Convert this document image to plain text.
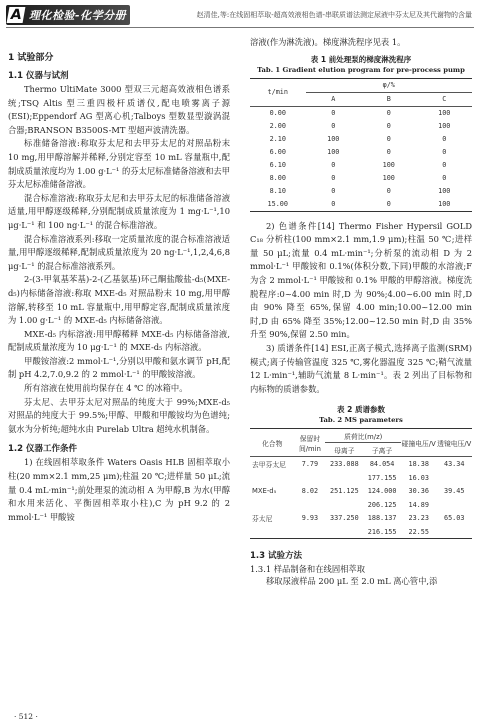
A 理化检验-化学分册	赵清佳,等:在线固相萃取-超高效液相色谱-串联质谱法测定尿液中芬太尼及其代谢物的含量
1 试验部分
1.1 仪器与试剂

Thermo UltiMate 3000 型双三元超高效液相色谱系统;TSQ Altis 型三重四极杆质谱仪,配电喷雾离子源(ESI);Eppendorf AG 型离心机;Talboys 型数显型漩涡混合器;BRANSON B3500S-MT 型超声波清洗器。

标准储备溶液:称取芬太尼和去甲芬太尼的对照品粉末 10 mg,用甲醇溶解并稀释,分别定容至 10 mL 容量瓶中,配制成质量浓度均为 1.00 g·L⁻¹ 的芬太尼标准储备溶液和去甲芬太尼标准储备溶液。

混合标准溶液:称取芬太尼和去甲芬太尼的标准储备溶液适量,用甲醇逐级稀释,分别配制成质量浓度为 1 mg·L⁻¹,10 μg·L⁻¹ 和 100 ng·L⁻¹ 的混合标准溶液。

混合标准溶液系列:移取一定质量浓度的混合标准溶液适量,用甲醇逐级稀释,配制成质量浓度为 20 ng·L⁻¹,1,2,4,6,8 μg·L⁻¹ 的混合标准溶液系列。

2-(3-甲氧基苯基)-2-(乙基氨基)环己酮盐酸盐-d₅(MXE-d₅)内标储备溶液:称取 MXE-d₅ 对照品粉末 10 mg,用甲醇溶解,转移至 10 mL 容量瓶中,用甲醇定容,配制成质量浓度为 1.00 g·L⁻¹ 的 MXE-d₅ 内标储备溶液。

MXE-d₅ 内标溶液:用甲醇稀释 MXE-d₅ 内标储备溶液,配制成质量浓度为 10 μg·L⁻¹ 的 MXE-d₅ 内标溶液。

甲酸铵溶液:2 mmol·L⁻¹,分别以甲酸和氨水调节 pH,配制 pH 4.2,7.0,9.2 的 2 mmol·L⁻¹ 的甲酸铵溶液。

所有溶液在使用前均保存在 4 ℃ 的冰箱中。

芬太尼、去甲芬太尼对照品的纯度大于 99%;MXE-d₅ 对照品的纯度大于 99.5%;甲醇、甲酸和甲酸铵均为色谱纯;氨水为分析纯;超纯水由 Purelab Ultra 超纯水机制备。

1.2 仪器工作条件

1) 在线固相萃取条件 Waters Oasis HLB 固相萃取小柱(20 mm×2.1 mm,25 μm);柱温 20 ℃;进样量 50 μL;流量 0.4 mL·min⁻¹;前处理泵的流动相 A 为甲醇,B 为水(甲醇和水用来活化、平衡固相萃取小柱),C 为 pH 9.2 的 2 mmol·L⁻¹ 甲酸铵

溶液(作为淋洗液)。梯度淋洗程序见表 1。

表 1 前处理泵的梯度淋洗程序
Tab. 1 Gradient elution program for pre-process pump
t/min	φ/%		
	A	B	C
0.00	0	0	100
2.00	0	0	100
2.10	100	0	0
6.00	100	0	0
6.10	0	100	0
8.00	0	100	0
8.10	0	0	100
15.00	0	0	100

2) 色谱条件[14] Thermo Fisher Hypersil GOLD C₁₈ 分析柱(100 mm×2.1 mm,1.9 μm);柱温 50 ℃;进样量 50 μL;流量 0.4 mL·min⁻¹;分析泵的流动相 D 为 2 mmol·L⁻¹ 甲酸铵和 0.1%(体积分数,下同)甲酸的水溶液;F 为含 2 mmol·L⁻¹ 甲酸铵和 0.1% 甲酸的甲醇溶液。梯度洗脱程序:0~4.00 min 时,D 为 90%;4.00~6.00 min 时,D 由 90% 降至 65%,保留 4.00 min;10.00~12.00 min 时,D 由 65% 降至 35%;12.00~12.50 min 时,D 由 35% 升至 90%,保留 2.50 min。

3) 质谱条件[14] ESI,正离子模式,选择离子监测(SRM)模式;离子传输管温度 325 ℃,雾化器温度 325 ℃;鞘气流量 12 L·min⁻¹,辅助气流量 8 L·min⁻¹。表 2 列出了目标物和内标物的质谱参数。

表 2 质谱参数
Tab. 2 MS parameters
化合物	保留时间/min	质荷比(m/z)		碰撞电压/V	透镜电压/V
		母离子	子离子		
去甲芬太尼	7.79	233.088	84.054	18.38	43.34
			177.155	16.03	
MXE-d₅	8.02	251.125	124.000	30.36	39.45
			206.125	14.89	
芬太尼	9.93	337.250	188.137	23.23	65.03
			216.155	22.55	
1.3 试验方法
1.3.1 样品制备和在线固相萃取

移取尿液样品 200 μL 至 2.0 mL 离心管中,添

· 512 ·
